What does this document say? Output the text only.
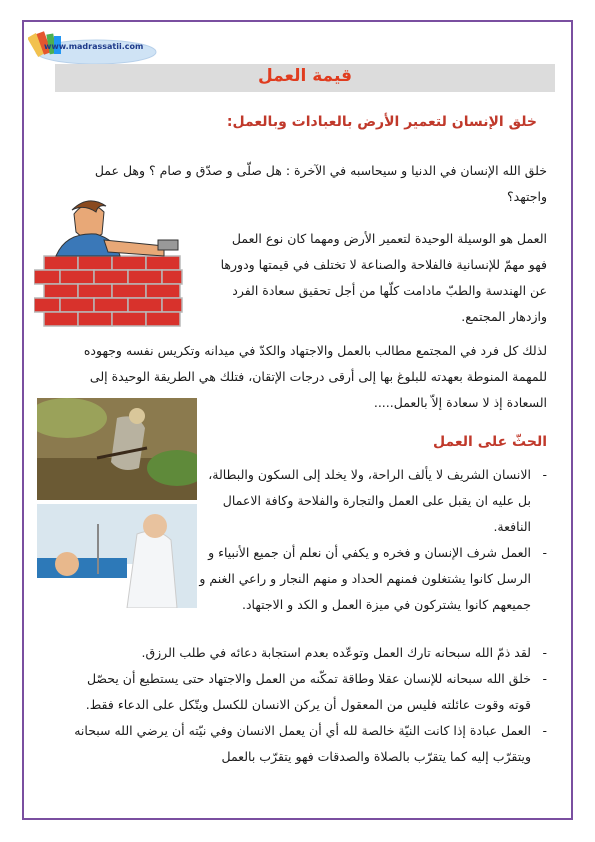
www.madrassatii.com
قيمة العمل
خلق الإنسان لتعمير الأرض بالعبادات وبالعمل:
خلق الله الإنسان في الدنيا و سيحاسبه في الآخرة : هل صلّى و صدّق و صام ؟ وهل عمل واجتهد؟
العمل هو الوسيلة الوحيدة لتعمير الأرض ومهما كان نوع العمل فهو مهمّ للإنسانية فالفلاحة والصناعة لا تختلف في قيمتها ودورها عن الهندسة والطبّ مادامت كلّها من أجل تحقيق سعادة الفرد وازدهار المجتمع.
لذلك كل فرد في المجتمع مطالب بالعمل والاجتهاد والكدّ في ميدانه وتكريس نفسه وجهوده للمهمة المنوطة بعهدته للبلوغ بها إلى أرقى درجات الإتقان، فتلك هي الطريقة الوحيدة إلى السعادة إذ لا سعادة إلاّ بالعمل.....
الحثّ على العمل
- الانسان الشريف لا يألف الراحة، ولا يخلد إلى السكون والبطالة، بل عليه ان يقبل على العمل والتجارة والفلاحة وكافة الاعمال النافعة.
- العمل شرف الإنسان و فخره و يكفي أن نعلم أن جميع الأنبياء و الرسل كانوا يشتغلون فمنهم الحداد و منهم النجار و راعي الغنم و جميعهم كانوا يشتركون في ميزة العمل و الكد و الاجتهاد.
- لقد ذمّ الله سبحانه تارك العمل وتوعّده بعدم استجابة دعائه في طلب الرزق.
- خلق الله سبحانه للإنسان عقلا وطاقة تمكّنه من العمل والاجتهاد حتى يستطيع أن يحصّل قوته وقوت عائلته فليس من المعقول أن يركن الانسان للكسل ويتّكل على الدعاء فقط.
- العمل عبادة إذا كانت النيّة خالصة لله أي أن يعمل الانسان وفي نيّته أن يرضي الله سبحانه ويتقرّب إليه كما يتقرّب بالصلاة والصدقات فهو يتقرّب بالعمل
